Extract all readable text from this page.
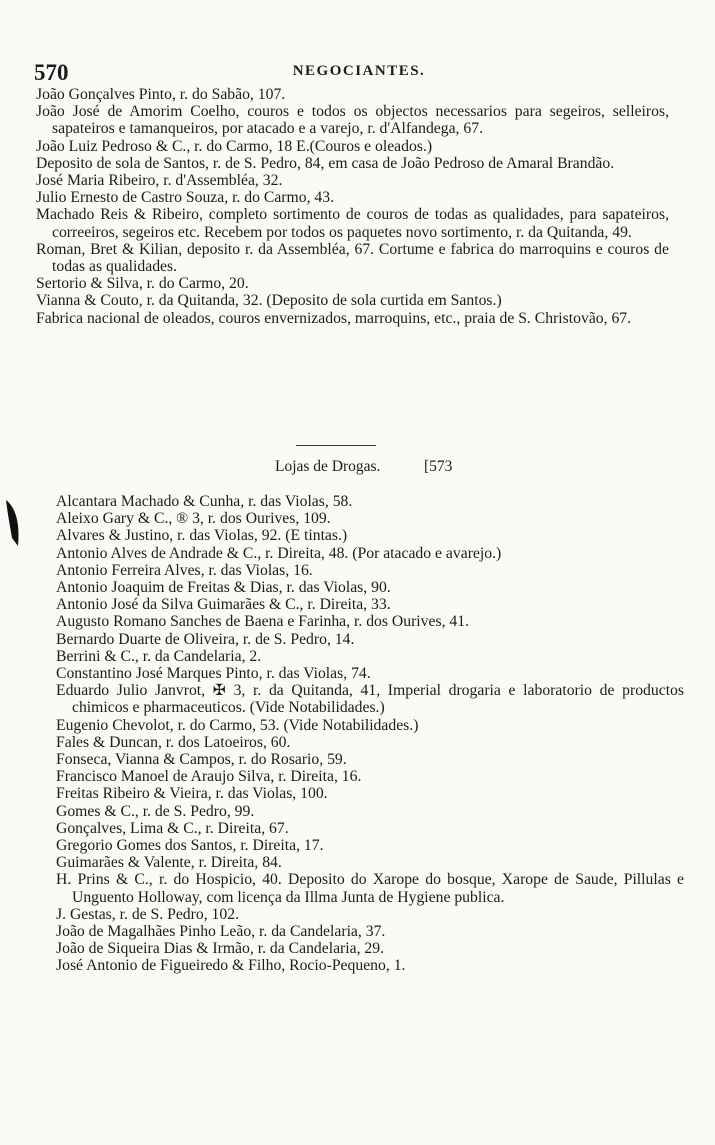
570	NEGOCIANTES.
João Gonçalves Pinto, r. do Sabão, 107.
João José de Amorim Coelho, couros e todos os objectos necessarios para segeiros, selleiros, sapateiros e tamanqueiros, por atacado e a varejo, r. d'Alfandega, 67.
João Luiz Pedroso & C., r. do Carmo, 18 E.(Couros e oleados.)
Deposito de sola de Santos, r. de S. Pedro, 84, em casa de João Pedroso de Amaral Brandão.
José Maria Ribeiro, r. d'Assembléa, 32.
Julio Ernesto de Castro Souza, r. do Carmo, 43.
Machado Reis & Ribeiro, completo sortimento de couros de todas as qualidades, para sapateiros, correeiros, segeiros etc. Recebem por todos os paquetes novo sortimento, r. da Quitanda, 49.
Roman, Bret & Kilian, deposito r. da Assembléa, 67. Cortume e fabrica do marroquins e couros de todas as qualidades.
Sertorio & Silva, r. do Carmo, 20.
Vianna & Couto, r. da Quitanda, 32. (Deposito de sola curtida em Santos.)
Fabrica nacional de oleados, couros envernizados, marroquins, etc., praia de S. Christovão, 67.
Lojas de Drogas.	[573
Alcantara Machado & Cunha, r. das Violas, 58.
Aleixo Gary & C., ® 3, r. dos Ourives, 109.
Alvares & Justino, r. das Violas, 92. (E tintas.)
Antonio Alves de Andrade & C., r. Direita, 48. (Por atacado e avarejo.)
Antonio Ferreira Alves, r. das Violas, 16.
Antonio Joaquim de Freitas & Dias, r. das Violas, 90.
Antonio José da Silva Guimarães & C., r. Direita, 33.
Augusto Romano Sanches de Baena e Farinha, r. dos Ourives, 41.
Bernardo Duarte de Oliveira, r. de S. Pedro, 14.
Berrini & C., r. da Candelaria, 2.
Constantino José Marques Pinto, r. das Violas, 74.
Eduardo Julio Janvrot, ✠ 3, r. da Quitanda, 41, Imperial drogaria e laboratorio de productos chimicos e pharmaceuticos. (Vide Notabilidades.)
Eugenio Chevolot, r. do Carmo, 53. (Vide Notabilidades.)
Fales & Duncan, r. dos Latoeiros, 60.
Fonseca, Vianna & Campos, r. do Rosario, 59.
Francisco Manoel de Araujo Silva, r. Direita, 16.
Freitas Ribeiro & Vieira, r. das Violas, 100.
Gomes & C., r. de S. Pedro, 99.
Gonçalves, Lima & C., r. Direita, 67.
Gregorio Gomes dos Santos, r. Direita, 17.
Guimarães & Valente, r. Direita, 84.
H. Prins & C., r. do Hospicio, 40. Deposito do Xarope do bosque, Xarope de Saude, Pillulas e Unguento Holloway, com licença da Illma Junta de Hygiene publica.
J. Gestas, r. de S. Pedro, 102.
João de Magalhães Pinho Leão, r. da Candelaria, 37.
João de Siqueira Dias & Irmão, r. da Candelaria, 29.
José Antonio de Figueiredo & Filho, Rocio-Pequeno, 1.
